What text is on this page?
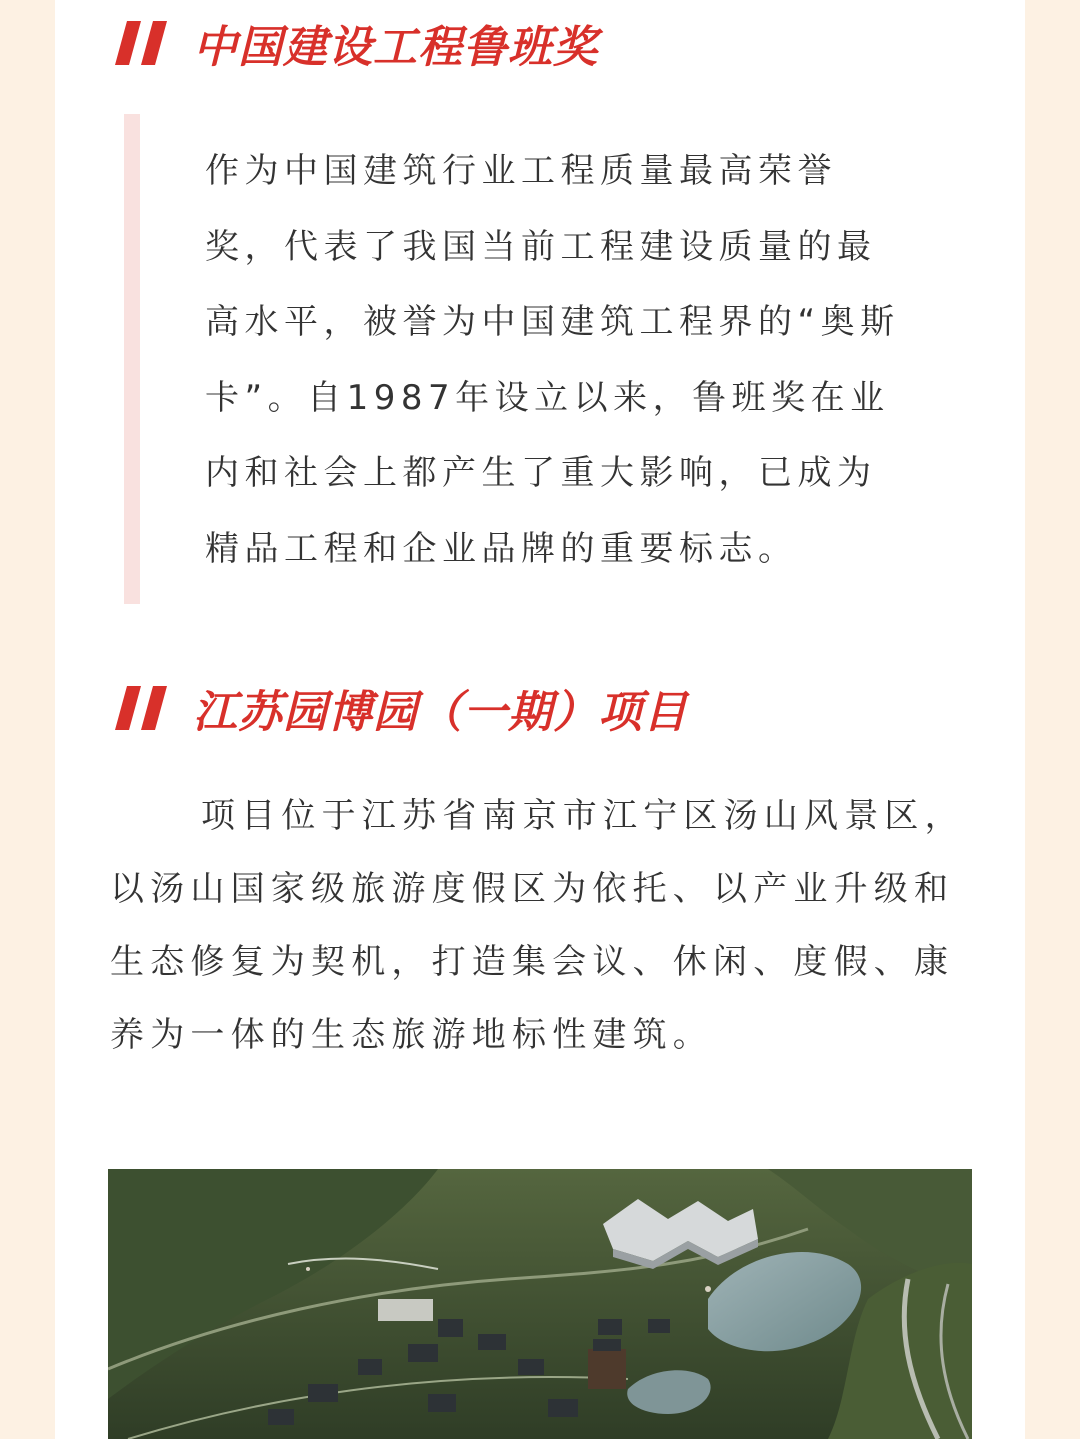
中国建设工程鲁班奖

作为中国建筑行业工程质量最高荣誉奖，代表了我国当前工程建设质量的最高水平，被誉为中国建筑工程界的“奥斯卡”。自1987年设立以来，鲁班奖在业内和社会上都产生了重大影响，已成为精品工程和企业品牌的重要标志。

江苏园博园（一期）项目

项目位于江苏省南京市江宁区汤山风景区，以汤山国家级旅游度假区为依托、以产业升级和生态修复为契机，打造集会议、休闲、度假、康养为一体的生态旅游地标性建筑。
